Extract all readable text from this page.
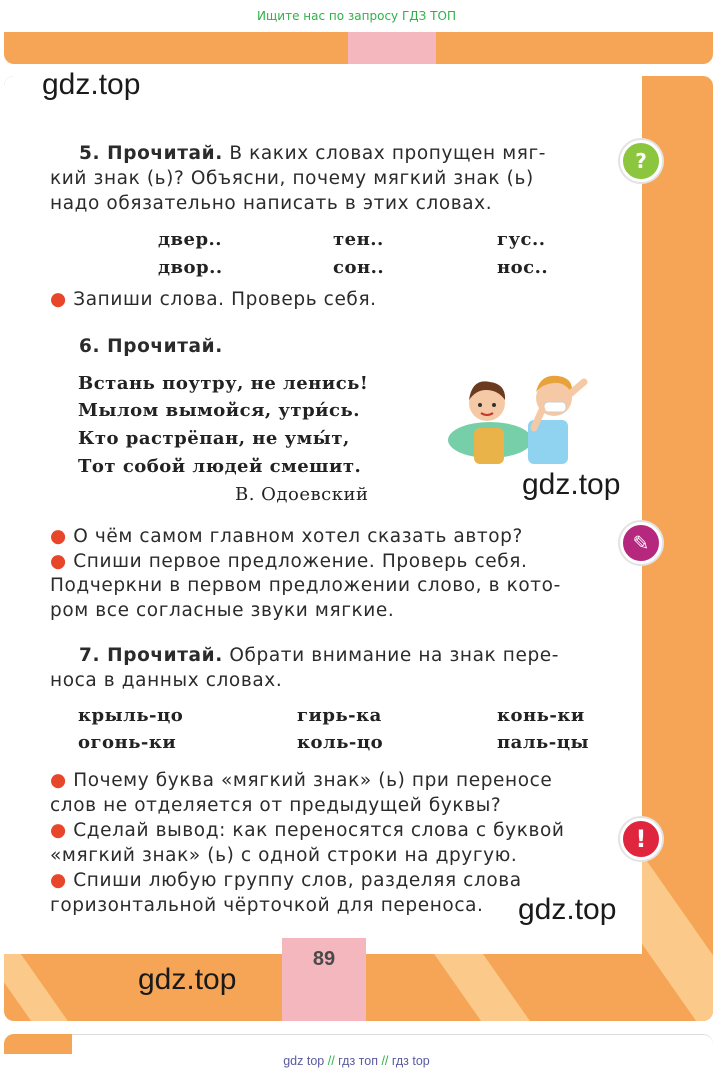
Ищите нас по запросу ГДЗ ТОП
89
gdz.top
gdz.top
gdz.top
gdz.top
5. Прочитай. В каких словах пропущен мяг-
кий знак (ь)? Объясни, почему мягкий знак (ь)
надо обязательно написать в этих словах.
?
двер..	тен..	гус..
двор..	сон..	нос..
● Запиши слова. Проверь себя.
6. Прочитай.
Встань поутру, не ленись!
Мылом вымойся, утри́сь.
Кто растрёпан, не умы́т,
Тот собой людей смешит.
В. Одоевский
● О чём самом главном хотел сказать автор?
● Спиши первое предложение. Проверь себя.
Подчеркни в первом предложении слово, в кото-
ром все согласные звуки мягкие.
✎
7. Прочитай. Обрати внимание на знак пере-
носа в данных словах.
крыль-цо	гирь-ка	конь-ки
огонь-ки	коль-цо	паль-цы
● Почему буква «мягкий знак» (ь) при переносе
слов не отделяется от предыдущей буквы?
● Сделай вывод: как переносятся слова с буквой
«мягкий знак» (ь) с одной строки на другую.
● Спиши любую группу слов, разделяя слова
горизонтальной чёрточкой для переноса.
!
gdz top // гдз топ // гдз top
